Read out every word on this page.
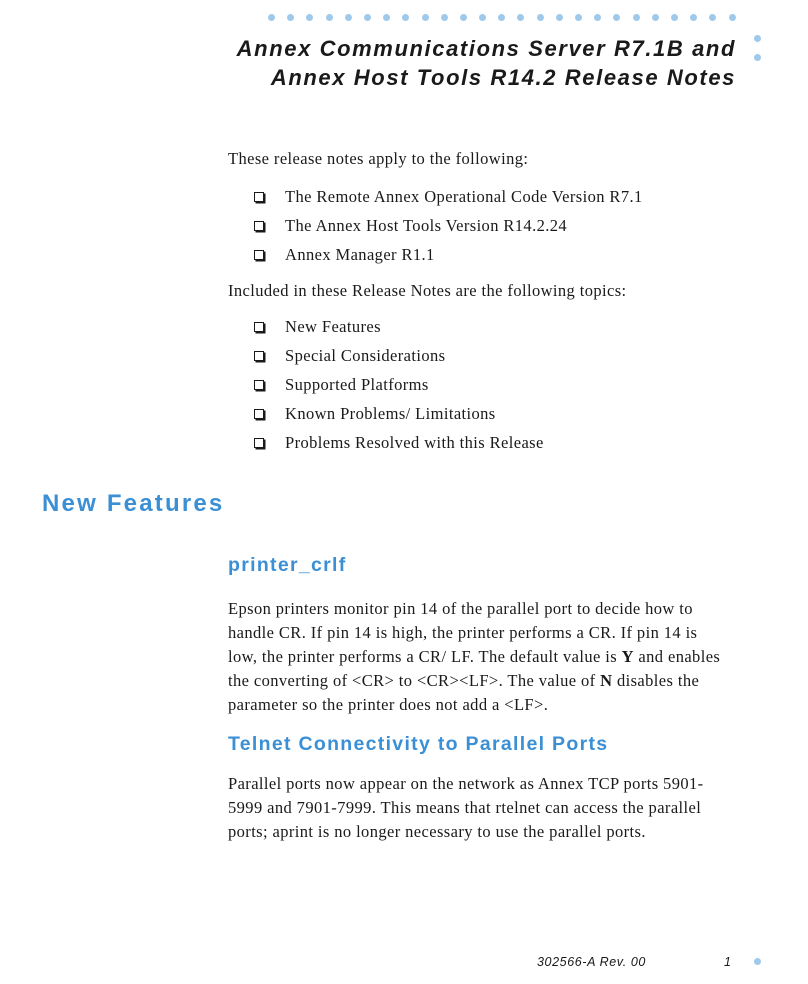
Annex Communications Server R7.1B and
Annex Host Tools R14.2 Release Notes

These release notes apply to the following:

The Remote Annex Operational Code Version R7.1
The Annex Host Tools Version R14.2.24
Annex Manager R1.1

Included in these Release Notes are the following topics:

New Features
Special Considerations
Supported Platforms
Known Problems/ Limitations
Problems Resolved with this Release
New Features
printer_crlf

Epson printers monitor pin 14 of the parallel port to decide how to handle CR. If pin 14 is high, the printer performs a CR. If pin 14 is low, the printer performs a CR/ LF. The default value is Y and enables the converting of <CR> to <CR><LF>. The value of N disables the parameter so the printer does not add a <LF>.

Telnet Connectivity to Parallel Ports

Parallel ports now appear on the network as Annex TCP ports 5901-5999 and 7901-7999. This means that rtelnet can access the parallel ports; aprint is no longer necessary to use the parallel ports.

302566-A Rev. 00	1
